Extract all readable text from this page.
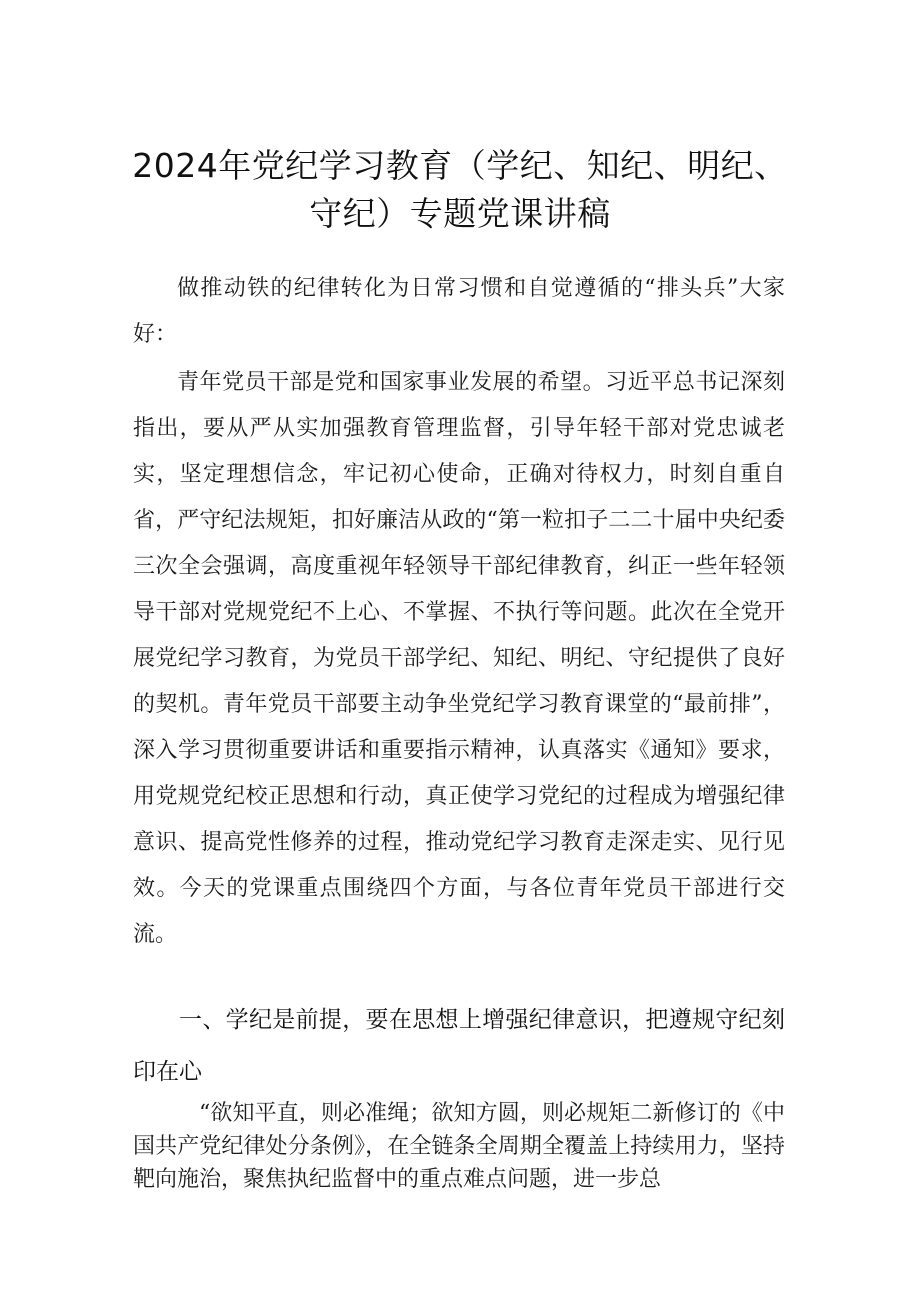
2024年党纪学习教育（学纪、知纪、明纪、守纪）专题党课讲稿

做推动铁的纪律转化为日常习惯和自觉遵循的“排头兵”大家好：

青年党员干部是党和国家事业发展的希望。习近平总书记深刻指出，要从严从实加强教育管理监督，引导年轻干部对党忠诚老实，坚定理想信念，牢记初心使命，正确对待权力，时刻自重自省，严守纪法规矩，扣好廉洁从政的“第一粒扣子二二十届中央纪委三次全会强调，高度重视年轻领导干部纪律教育，纠正一些年轻领导干部对党规党纪不上心、不掌握、不执行等问题。此次在全党开展党纪学习教育，为党员干部学纪、知纪、明纪、守纪提供了良好的契机。青年党员干部要主动争坐党纪学习教育课堂的“最前排”，深入学习贯彻重要讲话和重要指示精神，认真落实《通知》要求，用党规党纪校正思想和行动，真正使学习党纪的过程成为增强纪律意识、提高党性修养的过程，推动党纪学习教育走深走实、见行见效。今天的党课重点围绕四个方面，与各位青年党员干部进行交流。

一、学纪是前提，要在思想上增强纪律意识，把遵规守纪刻印在心

“欲知平直，则必准绳；欲知方圆，则必规矩二新修订的《中国共产党纪律处分条例》，在全链条全周期全覆盖上持续用力，坚持靶向施治，聚焦执纪监督中的重点难点问题，进一步总
